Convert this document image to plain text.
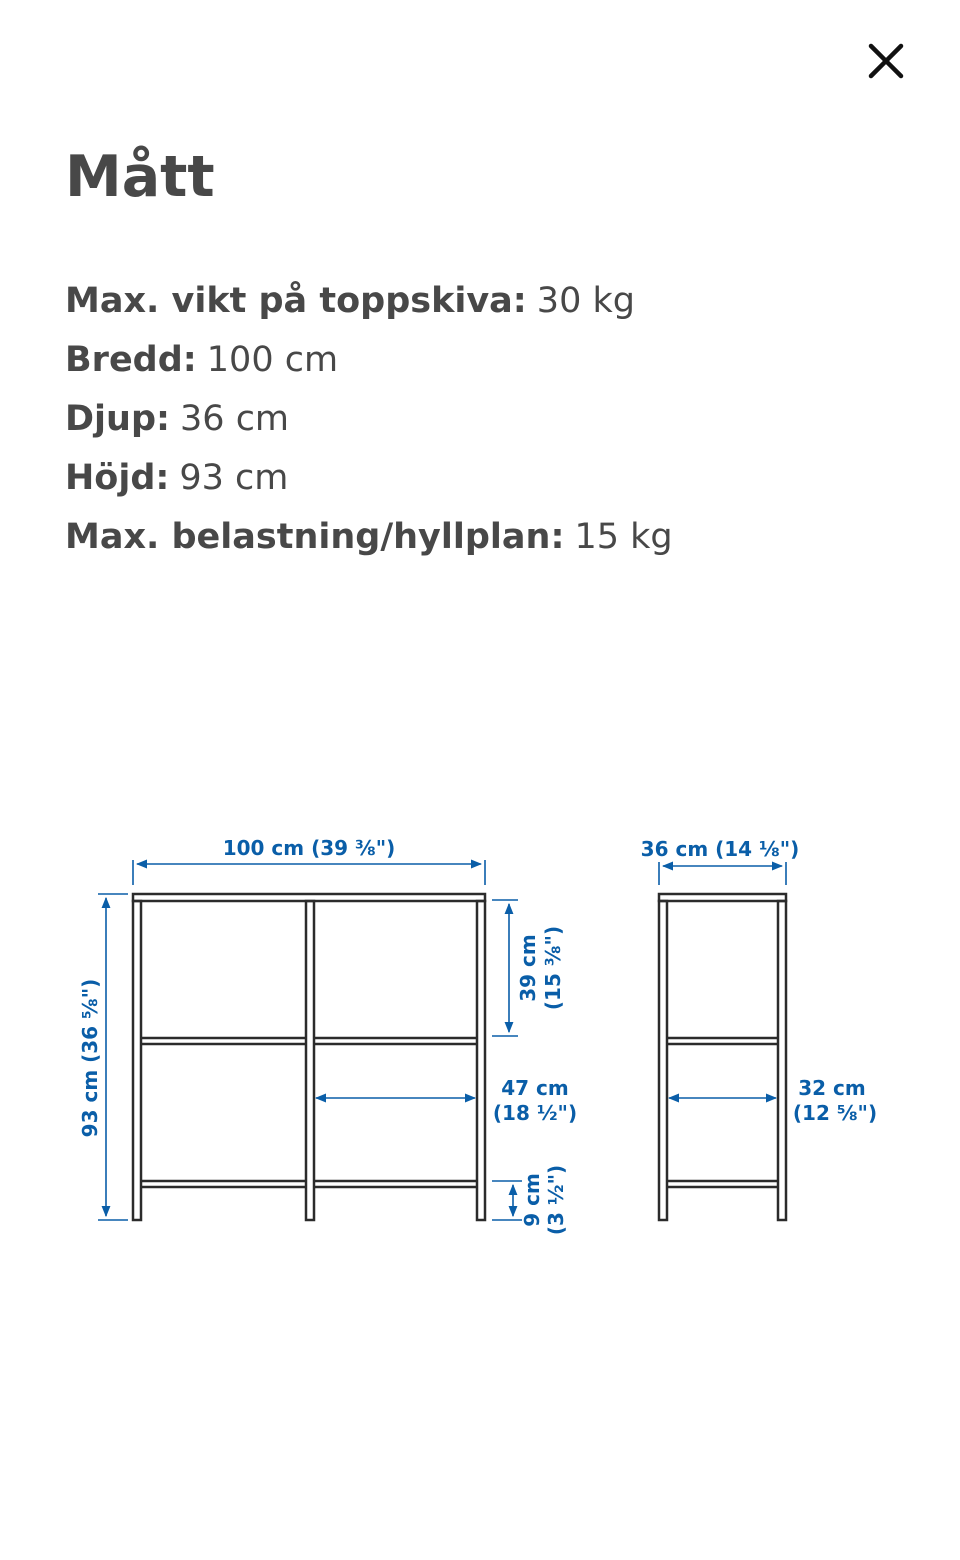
Mått
Max. vikt på toppskiva: 30 kg
Bredd: 100 cm
Djup: 36 cm
Höjd: 93 cm
Max. belastning/hyllplan: 15 kg
100 cm (39 ⅜")
93 cm (36 ⅝")
39 cm (15 ⅜")
47 cm
(18 ½")
9 cm (3 ½")
36 cm (14 ⅛")
32 cm
(12 ⅝")
